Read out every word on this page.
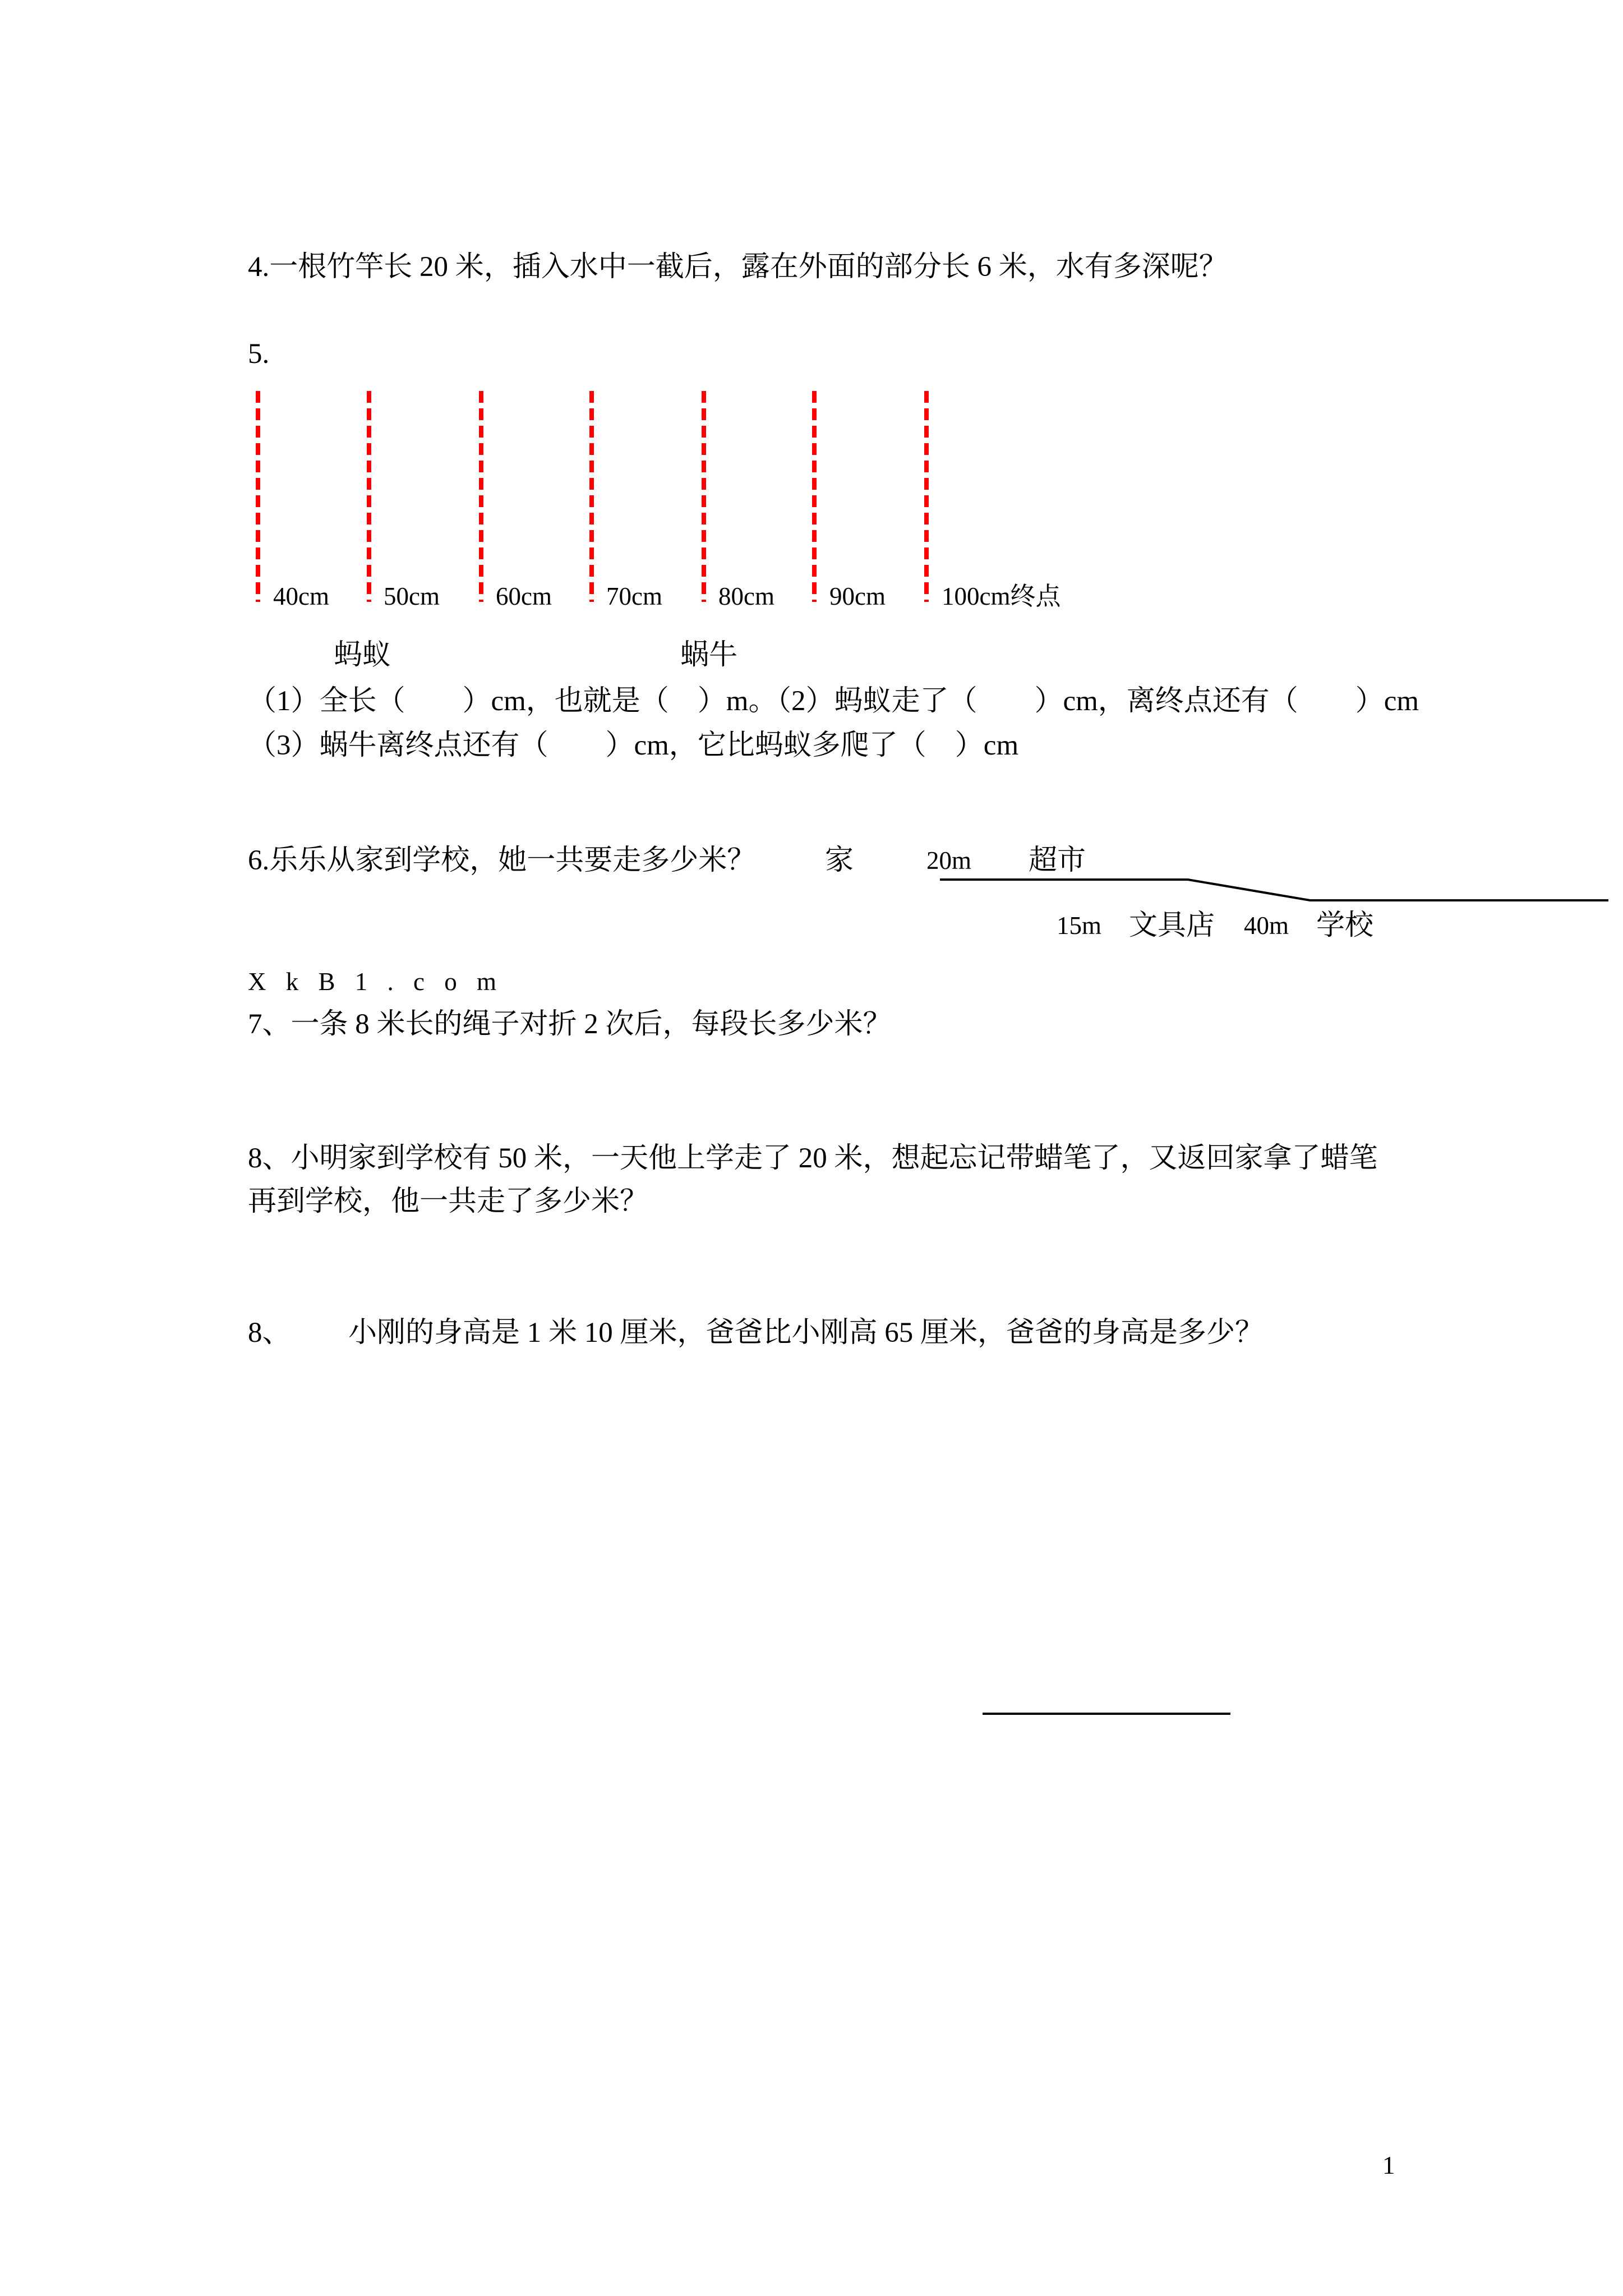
4.一根竹竿长 20 米，插入水中一截后，露在外面的部分长 6 米，水有多深呢？
5.
40cm 50cm 60cm 70cm 80cm 90cm 100cm终点
蚂蚁	蜗牛
（1）全长（　　）cm，也就是（　）m。（2）蚂蚁走了（　　）cm，离终点还有（　　）cm
（3）蜗牛离终点还有（　　）cm，它比蚂蚁多爬了（　）cm
6.乐乐从家到学校，她一共要走多少米？ 家	20m 超市
15m 文具店 40m 学校
X k B 1 . c o m
7、一条 8 米长的绳子对折 2 次后，每段长多少米？
8、小明家到学校有 50 米，一天他上学走了 20 米，想起忘记带蜡笔了，又返回家拿了蜡笔
再到学校，他一共走了多少米？
8、 小刚的身高是 1 米 10 厘米，爸爸比小刚高 65 厘米，爸爸的身高是多少？
1
